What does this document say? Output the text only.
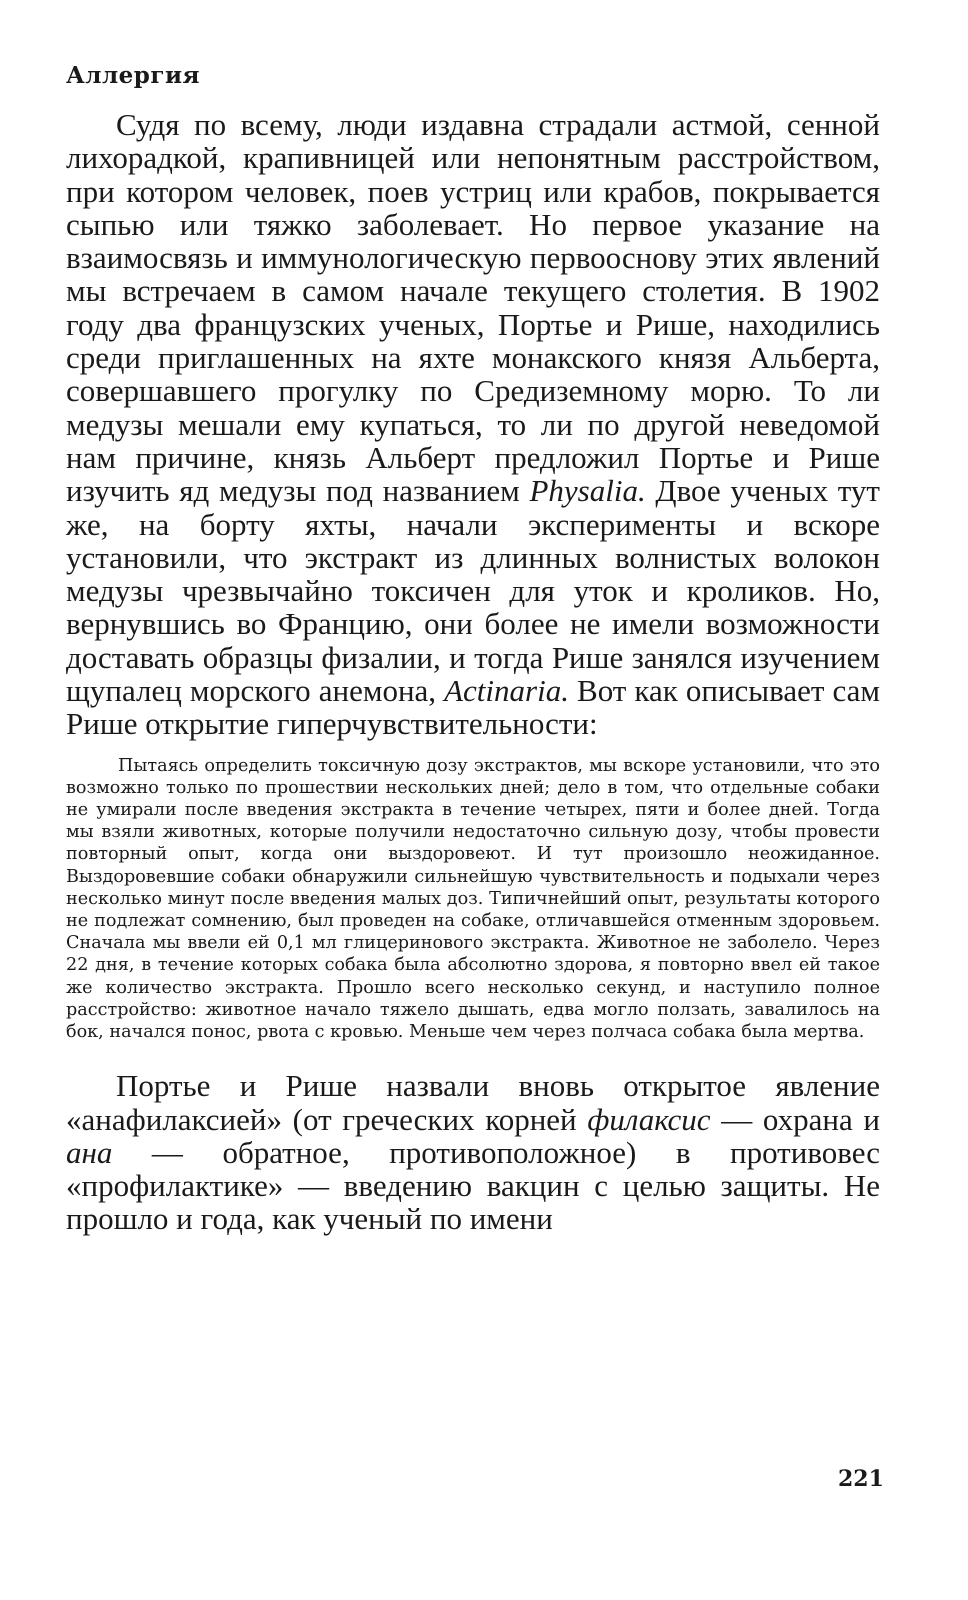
Аллергия

Судя по всему, люди издавна страдали астмой, сенной лихорадкой, крапивницей или непонятным расстройством, при котором человек, поев устриц или крабов, покрывается сыпью или тяжко заболевает. Но первое указание на взаимосвязь и иммунологическую первооснову этих явлений мы встречаем в самом начале текущего столетия. В 1902 году два французских ученых, Портье и Рише, находились среди приглашенных на яхте монакского князя Альберта, совершавшего прогулку по Средиземному морю. То ли медузы мешали ему купаться, то ли по другой неведомой нам причине, князь Альберт предложил Портье и Рише изучить яд медузы под названием Physalia. Двое ученых тут же, на борту яхты, начали эксперименты и вскоре установили, что экстракт из длинных волнистых волокон медузы чрезвычайно токсичен для уток и кроликов. Но, вернувшись во Францию, они более не имели возможности доставать образцы физалии, и тогда Рише занялся изучением щупалец морского анемона, Actinaria. Вот как описывает сам Рише открытие гиперчувствительности:

Пытаясь определить токсичную дозу экстрактов, мы вскоре установили, что это возможно только по прошествии нескольких дней; дело в том, что отдельные собаки не умирали после введения экстракта в течение четырех, пяти и более дней. Тогда мы взяли животных, которые получили недостаточно сильную дозу, чтобы провести повторный опыт, когда они выздоровеют. И тут произошло неожиданное. Выздоровевшие собаки обнаружили сильнейшую чувствительность и подыхали через несколько минут после введения малых доз. Типичнейший опыт, результаты которого не подлежат сомнению, был проведен на собаке, отличавшейся отменным здоровьем. Сначала мы ввели ей 0,1 мл глицеринового экстракта. Животное не заболело. Через 22 дня, в течение которых собака была абсолютно здорова, я повторно ввел ей такое же количество экстракта. Прошло всего несколько секунд, и наступило полное расстройство: животное начало тяжело дышать, едва могло ползать, завалилось на бок, начался понос, рвота с кровью. Меньше чем через полчаса собака была мертва.

Портье и Рише назвали вновь открытое явление «анафилаксией» (от греческих корней филаксис — охрана и ана — обратное, противоположное) в противовес «профилактике» — введению вакцин с целью защиты. Не прошло и года, как ученый по имени

221
